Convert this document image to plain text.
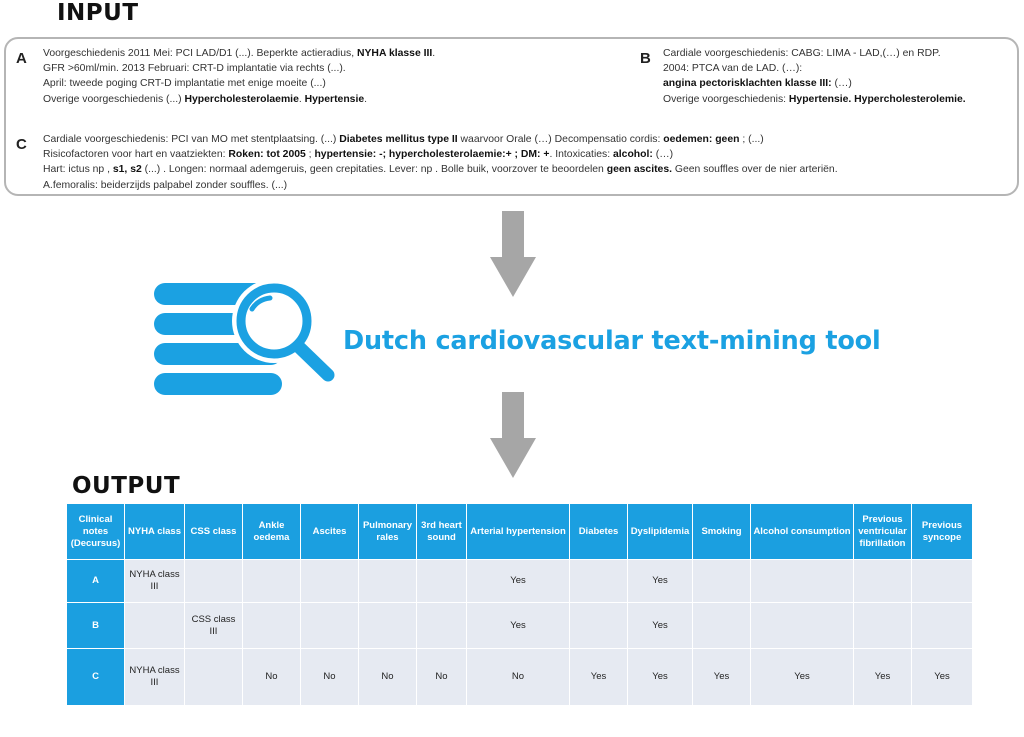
INPUT
A Voorgeschiedenis 2011 Mei: PCI LAD/D1 (...). Beperkte actieradius, NYHA klasse III.
GFR >60ml/min. 2013 Februari: CRT-D implantatie via rechts (...).
April: tweede poging CRT-D implantatie met enige moeite (...)
Overige voorgeschiedenis (...) Hypercholesterolaemie. Hypertensie.
B Cardiale voorgeschiedenis: CABG: LIMA - LAD,(…) en RDP.
2004: PTCA van de LAD. (…):
angina pectorisklachten klasse III: (…)
Overige voorgeschiedenis: Hypertensie. Hypercholesterolemie.
C Cardiale voorgeschiedenis: PCI van MO met stentplaatsing. (...) Diabetes mellitus type II waarvoor Orale (…) Decompensatio cordis: oedemen: geen ; (...)
Risicofactoren voor hart en vaatziekten: Roken: tot 2005 ; hypertensie: -; hypercholesterolaemie:+ ; DM: +. Intoxicaties: alcohol: (…)
Hart: ictus np , s1, s2 (...) . Longen: normaal ademgeruis, geen crepitaties. Lever: np . Bolle buik, voorzover te beoordelen geen ascites. Geen souffles over de nier arteriën.
A.femoralis: beiderzijds palpabel zonder souffles. (...)
Dutch cardiovascular text-mining tool
OUTPUT
Clinical notes (Decursus)	NYHA class	CSS class	Ankle oedema	Ascites	Pulmonary rales	3rd heart sound	Arterial hypertension	Diabetes	Dyslipidemia	Smoking	Alcohol consumption	Previous ventricular fibrillation	Previous syncope
A	NYHA class III						Yes		Yes				
B		CSS class III					Yes		Yes				
C	NYHA class III		No	No	No	No	No	Yes	Yes	Yes	Yes	Yes	Yes
